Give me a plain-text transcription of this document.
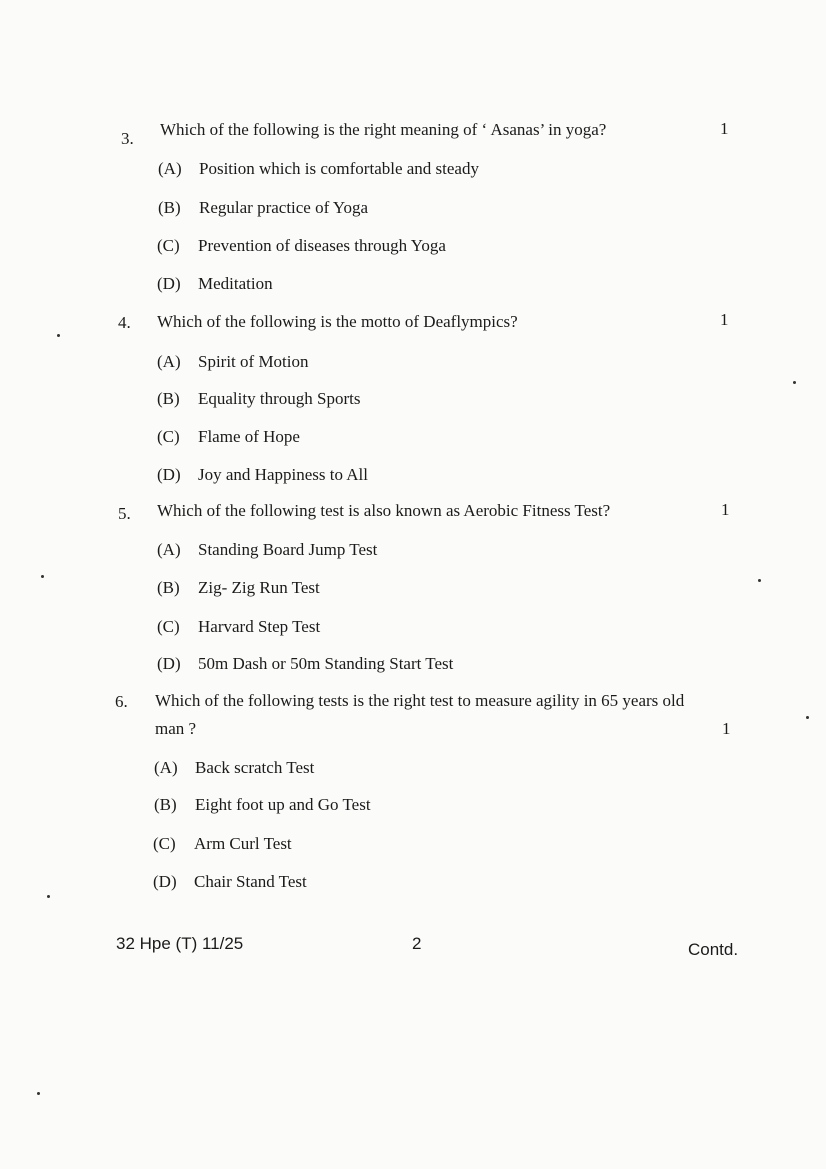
3. Which of the following is the right meaning of ‘ Asanas’ in yoga?	1
(A) Position which is comfortable and steady
(B) Regular practice of Yoga
(C) Prevention of diseases through Yoga
(D) Meditation
4. Which of the following is the motto of Deaflympics?	1
(A) Spirit of Motion
(B) Equality through Sports
(C) Flame of Hope
(D) Joy and Happiness to All
5. Which of the following test is also known as Aerobic Fitness Test?	1
(A) Standing Board Jump Test
(B) Zig- Zig Run Test
(C) Harvard Step Test
(D) 50m Dash or 50m Standing Start Test
6. Which of the following tests is the right test to measure agility in 65 years old
man ?	1
(A) Back scratch Test
(B) Eight foot up and Go Test
(C) Arm Curl Test
(D) Chair Stand Test
32 Hpe (T) 11/25	2	Contd.
